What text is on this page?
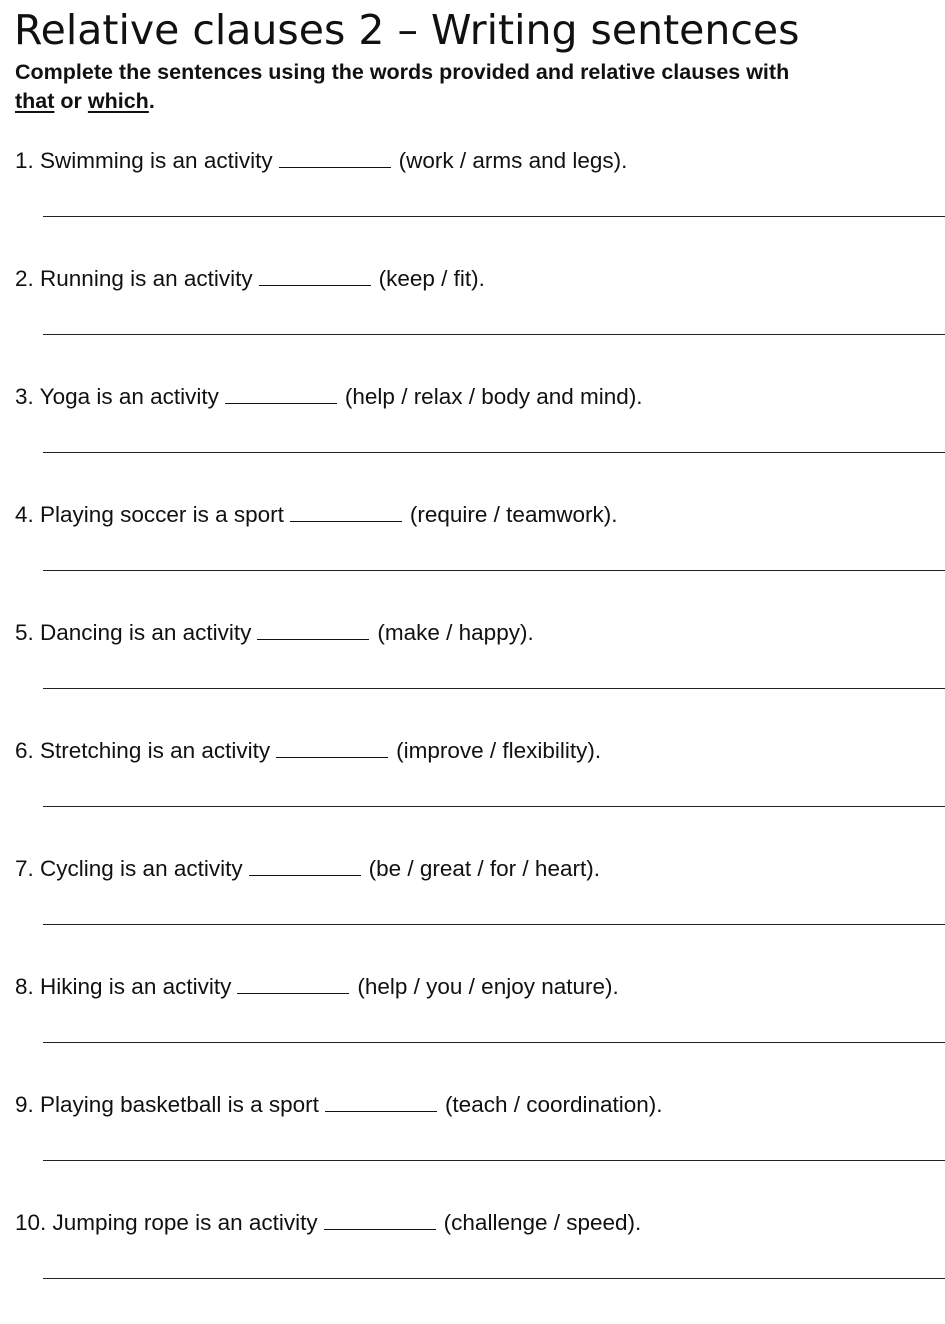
Relative clauses 2 – Writing sentences

Complete the sentences using the words provided and relative clauses with
that or which.

1. Swimming is an activity	(work / arms and legs).
2. Running is an activity	(keep / fit).
3. Yoga is an activity	(help / relax / body and mind).
4. Playing soccer is a sport	(require / teamwork).
5. Dancing is an activity	(make / happy).
6. Stretching is an activity	(improve / flexibility).
7. Cycling is an activity	(be / great / for / heart).
8. Hiking is an activity	(help / you / enjoy nature).
9. Playing basketball is a sport	(teach / coordination).
10. Jumping rope is an activity	(challenge / speed).
